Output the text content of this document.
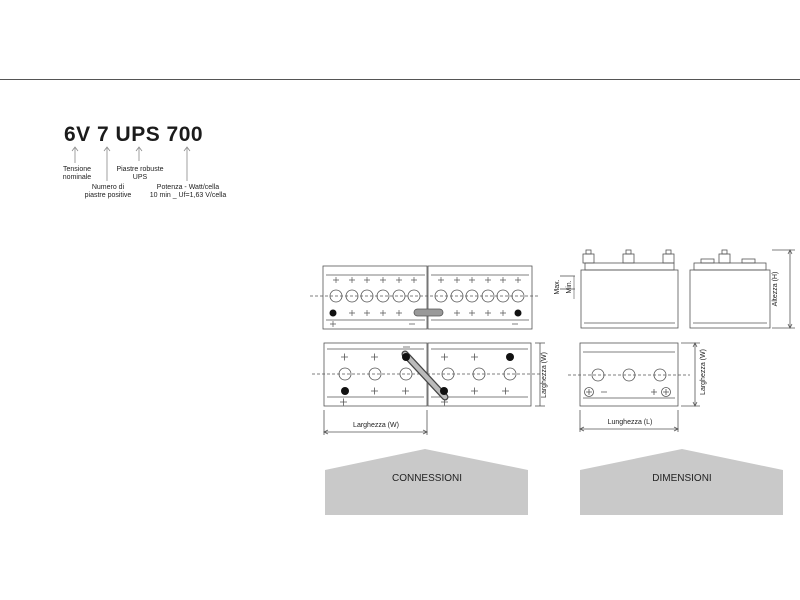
6V 7 UPS 700
Tensione
nominale
Numero di
piastre positive
Piastre robuste
UPS
Potenza - Watt/cella
10 min _ Uf=1,63 V/cella
Larghezza (W)
Larghezza (W)
Max. Min.	Altezza (H)
Larghezza (W)
Lunghezza (L)
CONNESSIONI	DIMENSIONI
